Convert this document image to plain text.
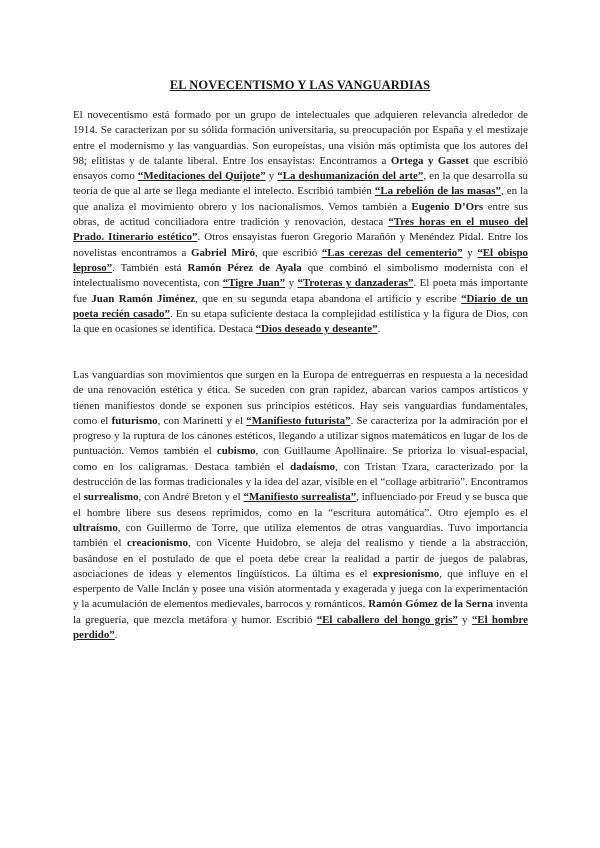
EL NOVECENTISMO Y LAS VANGUARDIAS

El novecentismo está formado por un grupo de intelectuales que adquieren relevancia alrededor de 1914. Se caracterizan por su sólida formación universitaria, su preocupación por España y el mestizaje entre el modernismo y las vanguardias. Son europeístas, una visión más optimista que los autores del 98; elitistas y de talante liberal. Entre los ensayistas: Encontramos a Ortega y Gasset que escribió ensayos como “Meditaciones del Quijote” y “La deshumanización del arte”, en la que desarrolla su teoría de que al arte se llega mediante el intelecto. Escribió también “La rebelión de las masas”, en la que analiza el movimiento obrero y los nacionalismos. Vemos también a Eugenio D’Ors entre sus obras, de actitud conciliadora entre tradición y renovación, destaca “Tres horas en el museo del Prado. Itinerario estético”. Otros ensayistas fueron Gregorio Marañón y Menéndez Pidal. Entre los novelistas encontramos a Gabriel Miró, que escribió “Las cerezas del cementerio” y “El obispo leproso”. También está Ramón Pérez de Ayala que combinó el simbolismo modernista con el intelectualismo novecentista, con “Tigre Juan” y “Troteras y danzaderas”. El poeta más importante fue Juan Ramón Jiménez, que en su segunda etapa abandona el artificio y escribe “Diario de un poeta recién casado”. En su etapa suficiente destaca la complejidad estilística y la figura de Dios, con la que en ocasiones se identifica. Destaca “Dios deseado y deseante”.

Las vanguardias son movimientos que surgen en la Europa de entreguerras en respuesta a la necesidad de una renovación estética y ética. Se suceden con gran rapidez, abarcan varios campos artísticos y tienen manifiestos donde se exponen sus principios estéticos. Hay seis vanguardias fundamentales, como el futurismo, con Marinetti y el “Manifiesto futurista”. Se caracteriza por la admiración por el progreso y la ruptura de los cánones estéticos, llegando a utilizar signos matemáticos en lugar de los de puntuación. Vemos también el cubismo, con Guillaume Apollinaire. Se prioriza lo visual-espacial, como en los caligramas. Destaca también el dadaísmo, con Tristan Tzara, caracterizado por la destrucción de las formas tradicionales y la idea del azar, visible en el “collage arbitrario”. Encontramos el surrealismo, con André Breton y el “Manifiesto surrealista”, influenciado por Freud y se busca que el hombre libere sus deseos reprimidos, como en la “escritura automática”. Otro ejemplo es el ultraísmo, con Guillermo de Torre, que utiliza elementos de otras vanguardias. Tuvo importancia también el creacionismo, con Vicente Huidobro, se aleja del realismo y tiende a la abstracción, basándose en el postulado de que el poeta debe crear la realidad a partir de juegos de palabras, asociaciones de ideas y elementos lingüísticos. La última es el expresionismo, que influye en el esperpento de Valle Inclán y posee una visión atormentada y exagerada y juega con la experimentación y la acumulación de elementos medievales, barrocos y románticos. Ramón Gómez de la Serna inventa la greguería, que mezcla metáfora y humor. Escribió “El caballero del hongo gris” y “El hombre perdido”.
